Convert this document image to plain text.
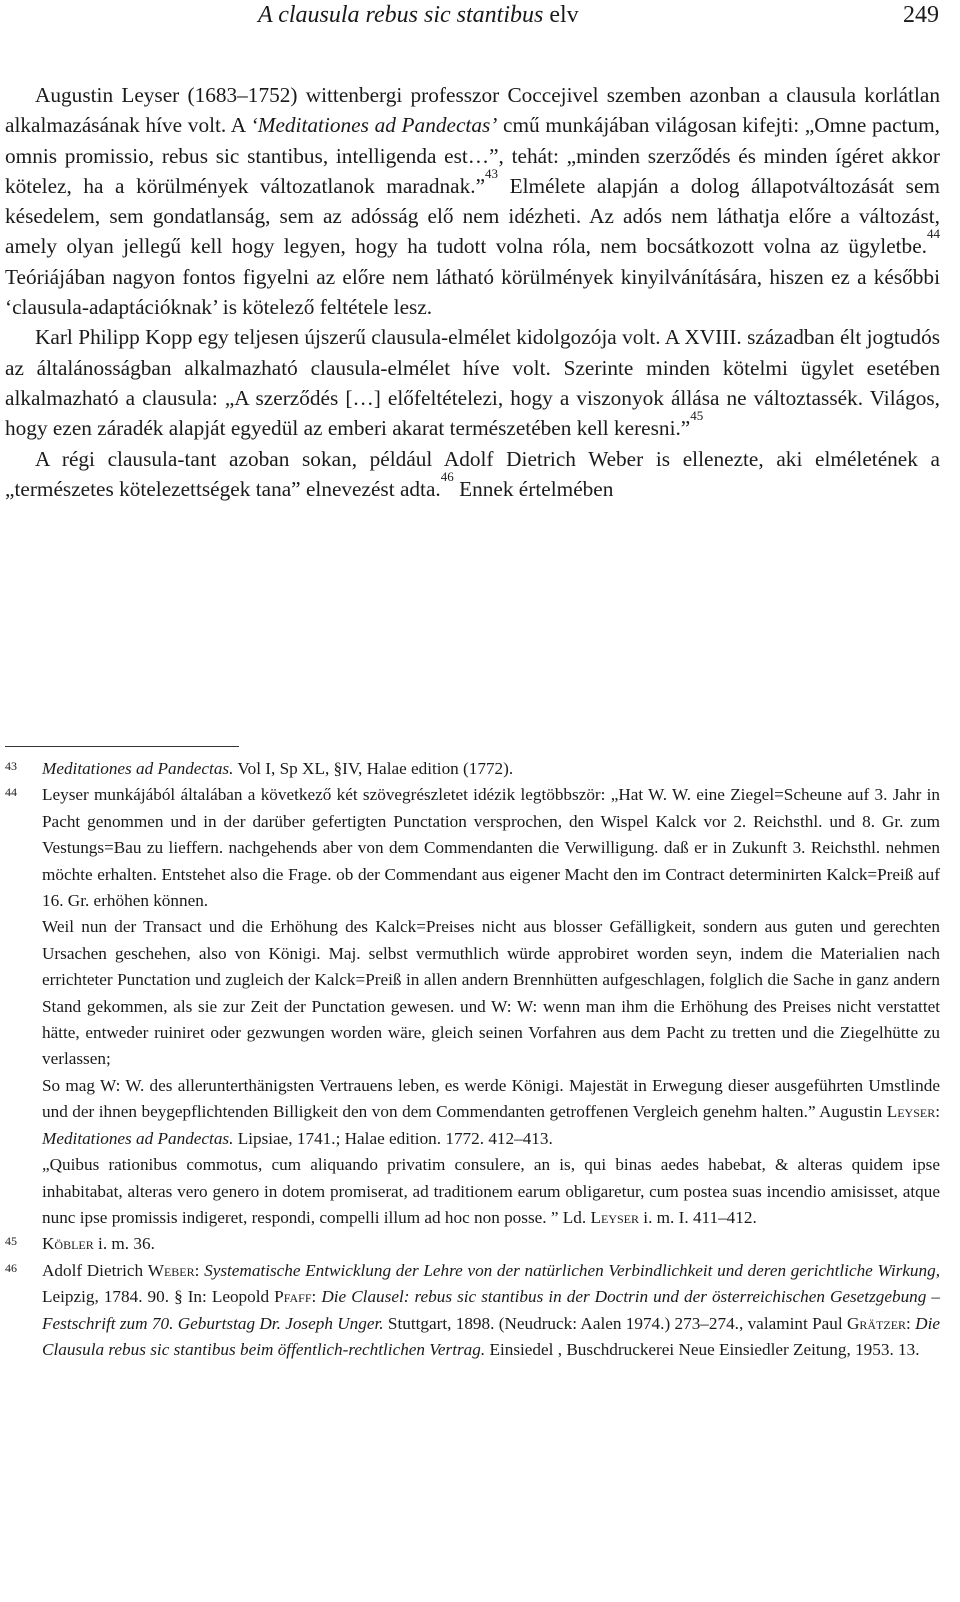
A clausula rebus sic stantibus elv	249

Augustin Leyser (1683–1752) wittenbergi professzor Coccejivel szemben azonban a clausula korlátlan alkalmazásának híve volt. A ‘Meditationes ad Pandectas’ cmű munkájában világosan kifejti: „Omne pactum, omnis promissio, rebus sic stantibus, intelligenda est…”, tehát: „minden szerződés és minden ígéret akkor kötelez, ha a körülmények változatlanok maradnak.”$^{43}$ Elmélete alapján a dolog állapotváltozását sem késedelem, sem gondatlanság, sem az adósság elő nem idézheti. Az adós nem láthatja előre a változást, amely olyan jellegű kell hogy legyen, hogy ha tudott volna róla, nem bocsátkozott volna az ügyletbe.$^{44}$ Teóriájában nagyon fontos figyelni az előre nem látható körülmények kinyilvánítására, hiszen ez a későbbi ‘clausula-adaptációknak’ is kötelező feltétele lesz.

Karl Philipp Kopp egy teljesen újszerű clausula-elmélet kidolgozója volt. A XVIII. században élt jogtudós az általánosságban alkalmazható clausula-elmélet híve volt. Szerinte minden kötelmi ügylet esetében alkalmazható a clausula: „A szerződés […] előfeltételezi, hogy a viszonyok állása ne változtassék. Világos, hogy ezen záradék alapját egyedül az emberi akarat természetében kell keresni.”$^{45}$

A régi clausula-tant azoban sokan, például Adolf Dietrich Weber is ellenezte, aki elméletének a „természetes kötelezettségek tana” elnevezést adta.$^{46}$ Ennek értelmében

43 Meditationes ad Pandectas. Vol I, Sp XL, §IV, Halae edition (1772).

44 Leyser munkájából általában a következő két szövegrészletet idézik legtöbbször: „Hat W. W. eine Ziegel=Scheune auf 3. Jahr in Pacht genommen und in der darüber gefertigten Punctation versprochen, den Wispel Kalck vor 2. Reichsthl. und 8. Gr. zum Vestungs=Bau zu lieffern. nachgehends aber von dem Commendanten die Verwilligung. daß er in Zukunft 3. Reichsthl. nehmen möchte erhalten. Entstehet also die Frage. ob der Commendant aus eigener Macht den im Contract determinirten Kalck=Preiß auf 16. Gr. erhöhen können.

Weil nun der Transact und die Erhöhung des Kalck=Preises nicht aus blosser Gefälligkeit, sondern aus guten und gerechten Ursachen geschehen, also von Königi. Maj. selbst vermuthlich würde approbiret worden seyn, indem die Materialien nach errichteter Punctation und zugleich der Kalck=Preiß in allen andern Brennhütten aufgeschlagen, folglich die Sache in ganz andern Stand gekommen, als sie zur Zeit der Punctation gewesen. und W: W: wenn man ihm die Erhöhung des Preises nicht verstattet hätte, entweder ruiniret oder gezwungen worden wäre, gleich seinen Vorfahren aus dem Pacht zu tretten und die Ziegelhütte zu verlassen;

So mag W: W. des allerunterthänigsten Vertrauens leben, es werde Königi. Majestät in Erwegung dieser ausgeführten Umstlinde und der ihnen beygepflichtenden Billigkeit den von dem Commendanten getroffenen Vergleich genehm halten.” Augustin Leyser: Meditationes ad Pandectas. Lipsiae, 1741.; Halae edition. 1772. 412–413.

„Quibus rationibus commotus, cum aliquando privatim consulere, an is, qui binas aedes habebat, & alteras quidem ipse inhabitabat, alteras vero genero in dotem promiserat, ad traditionem earum obligaretur, cum postea suas incendio amisisset, atque nunc ipse promissis indigeret, respondi, compelli illum ad hoc non posse. ” Ld. Leyser i. m. I. 411–412.

45 Köbler i. m. 36.

46 Adolf Dietrich Weber: Systematische Entwicklung der Lehre von der natürlichen Verbindlichkeit und deren gerichtliche Wirkung, Leipzig, 1784. 90. § In: Leopold Pfaff: Die Clausel: rebus sic stantibus in der Doctrin und der österreichischen Gesetzgebung – Festschrift zum 70. Geburtstag Dr. Joseph Unger. Stuttgart, 1898. (Neudruck: Aalen 1974.) 273–274., valamint Paul Grätzer: Die Clausula rebus sic stantibus beim öffentlich-rechtlichen Vertrag. Einsiedel , Buschdruckerei Neue Einsiedler Zeitung, 1953. 13.
